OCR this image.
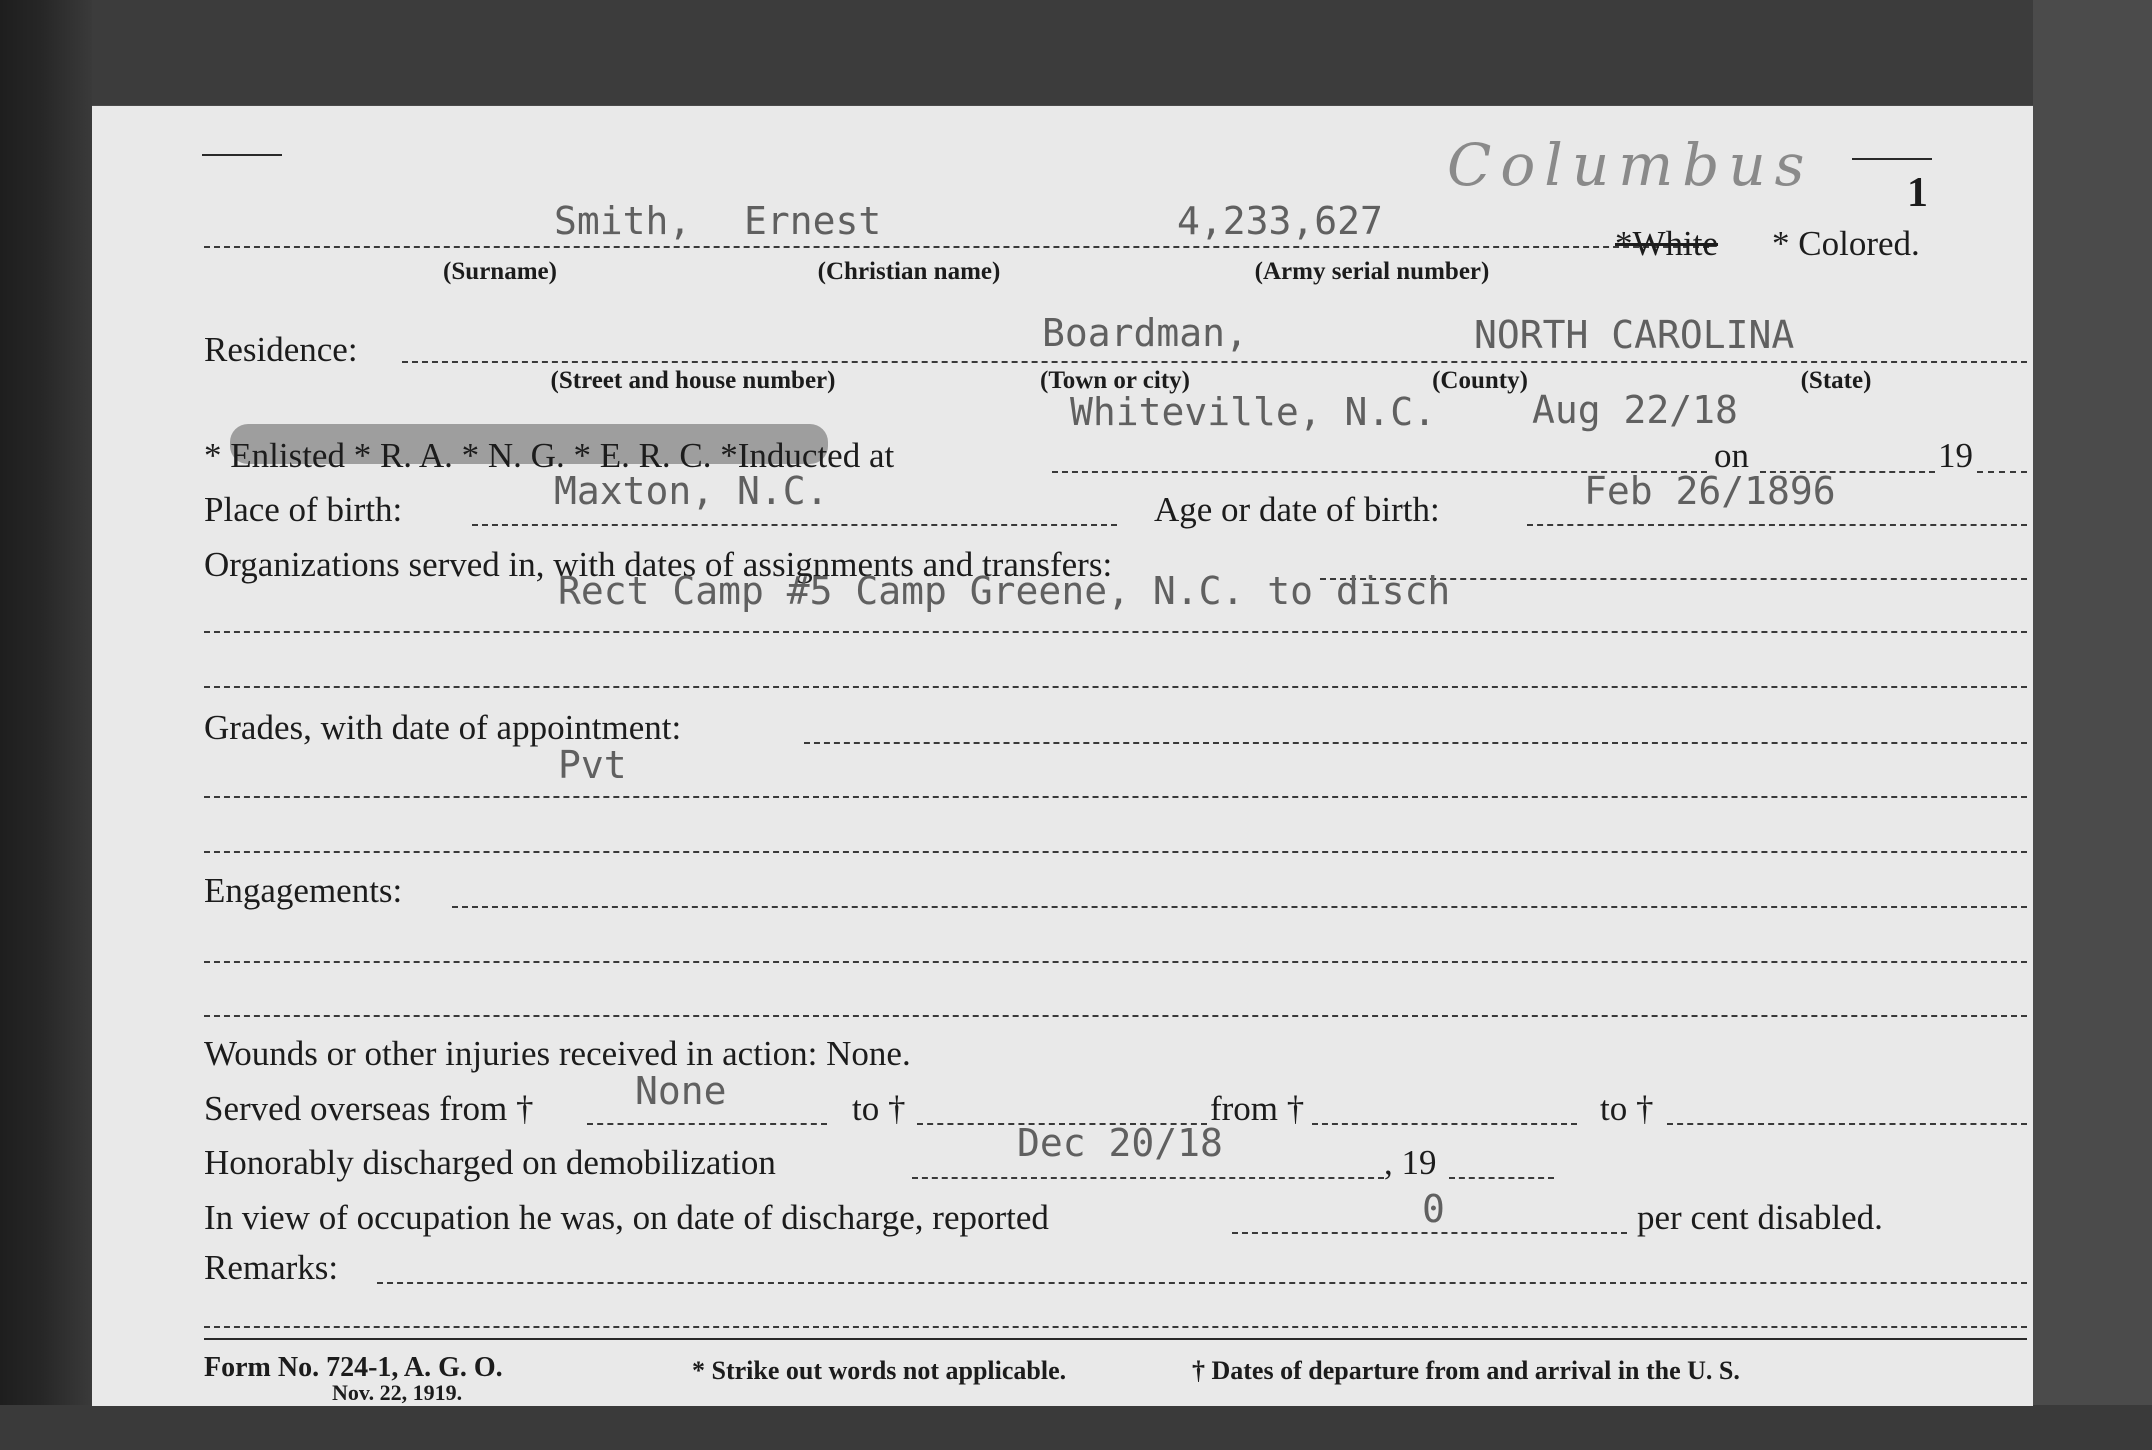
1
Columbus
Smith, Ernest	4,233,627
*White * Colored.
(Surname)	(Christian name)	(Army serial number)
Residence:	Boardman,	NORTH CAROLINA
(Street and house number)	(Town or city)	(County)	(State)
* Enlisted * R. A. * N. G. * E. R. C. *Inducted at
Whiteville, N.C.	Aug 22/18
on	19
Place of birth:	Maxton, N.C.	Age or date of birth:	Feb 26/1896
Organizations served in, with dates of assignments and transfers:
Rect Camp #5 Camp Greene, N.C. to disch
Grades, with date of appointment:
Pvt
Engagements:
Wounds or other injuries received in action: None.
Served overseas from †	None	to †	from †	to †
Honorably discharged on demobilization	Dec 20/18	, 19
In view of occupation he was, on date of discharge, reported	0	per cent disabled.
Remarks:
Form No. 724-1, A. G. O.
Nov. 22, 1919.
* Strike out words not applicable.	† Dates of departure from and arrival in the U. S.
